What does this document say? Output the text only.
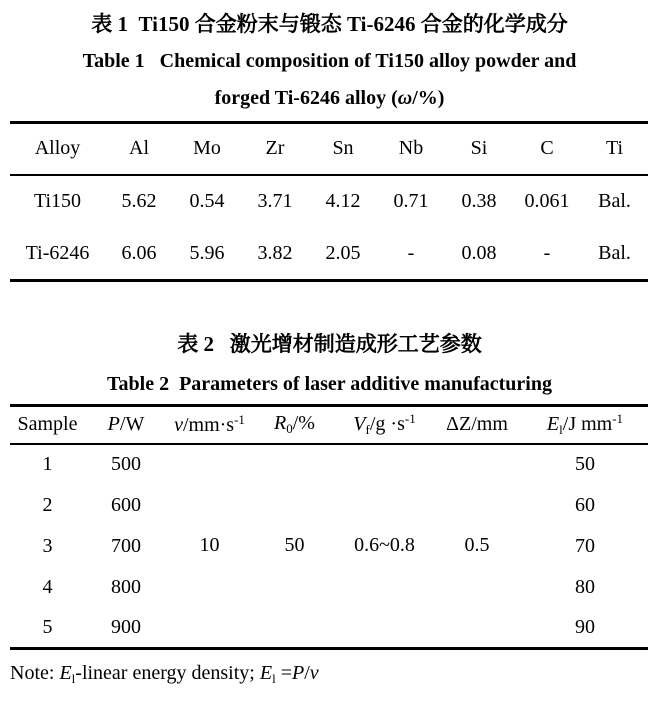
表 1  Ti150 合金粉末与锻态 Ti-6246 合金的化学成分
Table 1   Chemical composition of Ti150 alloy powder and
forged Ti-6246 alloy (ω/%)
Alloy	Al	Mo	Zr	Sn	Nb	Si	C	Ti
Ti150	5.62	0.54	3.71	4.12	0.71	0.38	0.061	Bal.
Ti-6246	6.06	5.96	3.82	2.05	-	0.08	-	Bal.
表 2   激光增材制造成形工艺参数
Table 2  Parameters of laser additive manufacturing
Sample	P/W	$v/mm\cdot s^{-1}$	$R_0/\%$	$V_f/g \cdot s^{-1}$	ΔZ/mm	$E_l/J$ $mm^{-1}$
1	500	10	50	0.6~0.8	0.5	50
2	600					60
3	700					70
4	800					80
5	900					90
Note: $E_l$-linear energy density; $E_l =P/v$
